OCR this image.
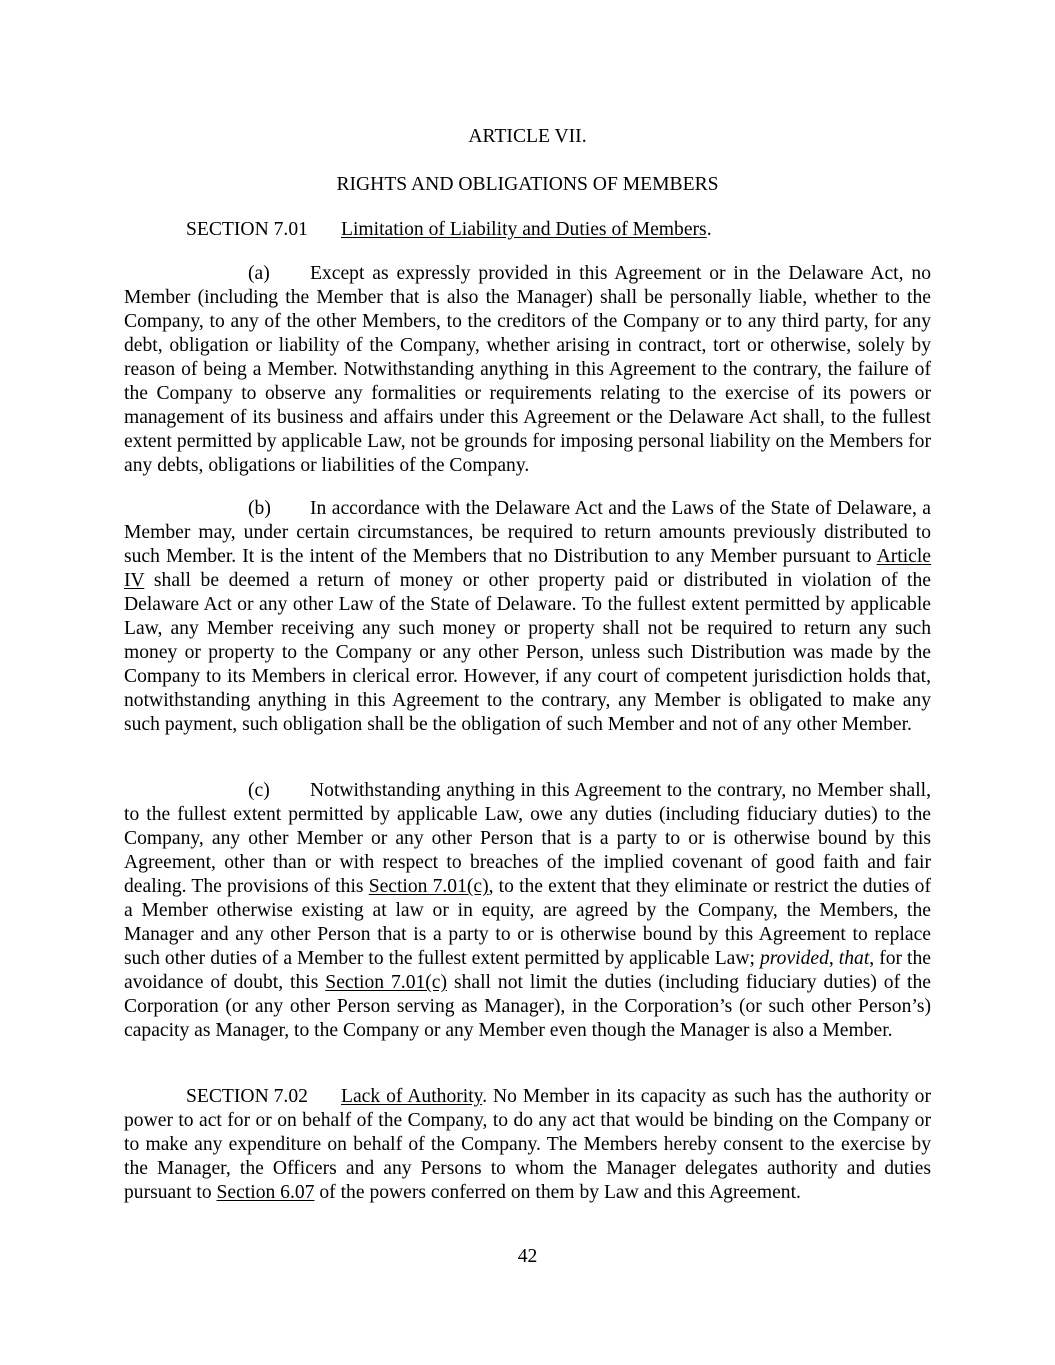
ARTICLE VII.
RIGHTS AND OBLIGATIONS OF MEMBERS
SECTION 7.01 Limitation of Liability and Duties of Members.

(a) Except as expressly provided in this Agreement or in the Delaware Act, no Member (including the Member that is also the Manager) shall be personally liable, whether to the Company, to any of the other Members, to the creditors of the Company or to any third party, for any debt, obligation or liability of the Company, whether arising in contract, tort or otherwise, solely by reason of being a Member. Notwithstanding anything in this Agreement to the contrary, the failure of the Company to observe any formalities or requirements relating to the exercise of its powers or management of its business and affairs under this Agreement or the Delaware Act shall, to the fullest extent permitted by applicable Law, not be grounds for imposing personal liability on the Members for any debts, obligations or liabilities of the Company.

(b) In accordance with the Delaware Act and the Laws of the State of Delaware, a Member may, under certain circumstances, be required to return amounts previously distributed to such Member. It is the intent of the Members that no Distribution to any Member pursuant to Article IV shall be deemed a return of money or other property paid or distributed in violation of the Delaware Act or any other Law of the State of Delaware. To the fullest extent permitted by applicable Law, any Member receiving any such money or property shall not be required to return any such money or property to the Company or any other Person, unless such Distribution was made by the Company to its Members in clerical error. However, if any court of competent jurisdiction holds that, notwithstanding anything in this Agreement to the contrary, any Member is obligated to make any such payment, such obligation shall be the obligation of such Member and not of any other Member.

(c) Notwithstanding anything in this Agreement to the contrary, no Member shall, to the fullest extent permitted by applicable Law, owe any duties (including fiduciary duties) to the Company, any other Member or any other Person that is a party to or is otherwise bound by this Agreement, other than or with respect to breaches of the implied covenant of good faith and fair dealing. The provisions of this Section 7.01(c), to the extent that they eliminate or restrict the duties of a Member otherwise existing at law or in equity, are agreed by the Company, the Members, the Manager and any other Person that is a party to or is otherwise bound by this Agreement to replace such other duties of a Member to the fullest extent permitted by applicable Law; provided, that, for the avoidance of doubt, this Section 7.01(c) shall not limit the duties (including fiduciary duties) of the Corporation (or any other Person serving as Manager), in the Corporation’s (or such other Person’s) capacity as Manager, to the Company or any Member even though the Manager is also a Member.

SECTION 7.02 Lack of Authority. No Member in its capacity as such has the authority or power to act for or on behalf of the Company, to do any act that would be binding on the Company or to make any expenditure on behalf of the Company. The Members hereby consent to the exercise by the Manager, the Officers and any Persons to whom the Manager delegates authority and duties pursuant to Section 6.07 of the powers conferred on them by Law and this Agreement.

42
